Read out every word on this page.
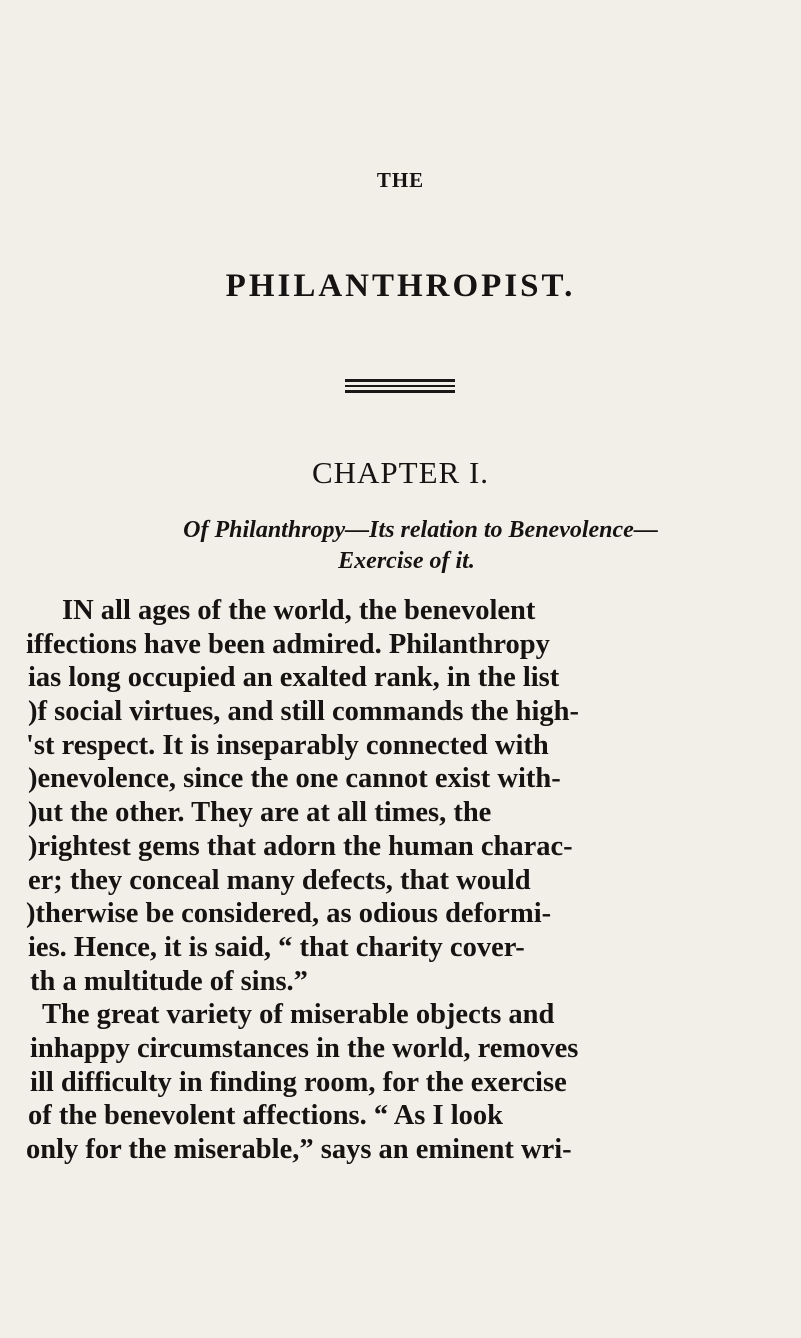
THE
PHILANTHROPIST.
CHAPTER I.
Of Philanthropy—Its relation to Benevolence—
Exercise of it.
IN all ages of the world, the benevolent
iffections have been admired. Philanthropy
ias long occupied an exalted rank, in the list
)f social virtues, and still commands the high-
'st respect. It is inseparably connected with
)enevolence, since the one cannot exist with-
)ut the other. They are at all times, the
)rightest gems that adorn the human charac-
er; they conceal many defects, that would
)therwise be considered, as odious deformi-
ies. Hence, it is said, “ that charity cover-
th a multitude of sins.”
The great variety of miserable objects and
inhappy circumstances in the world, removes
ill difficulty in finding room, for the exercise
of the benevolent affections. “ As I look
only for the miserable,” says an eminent wri-
